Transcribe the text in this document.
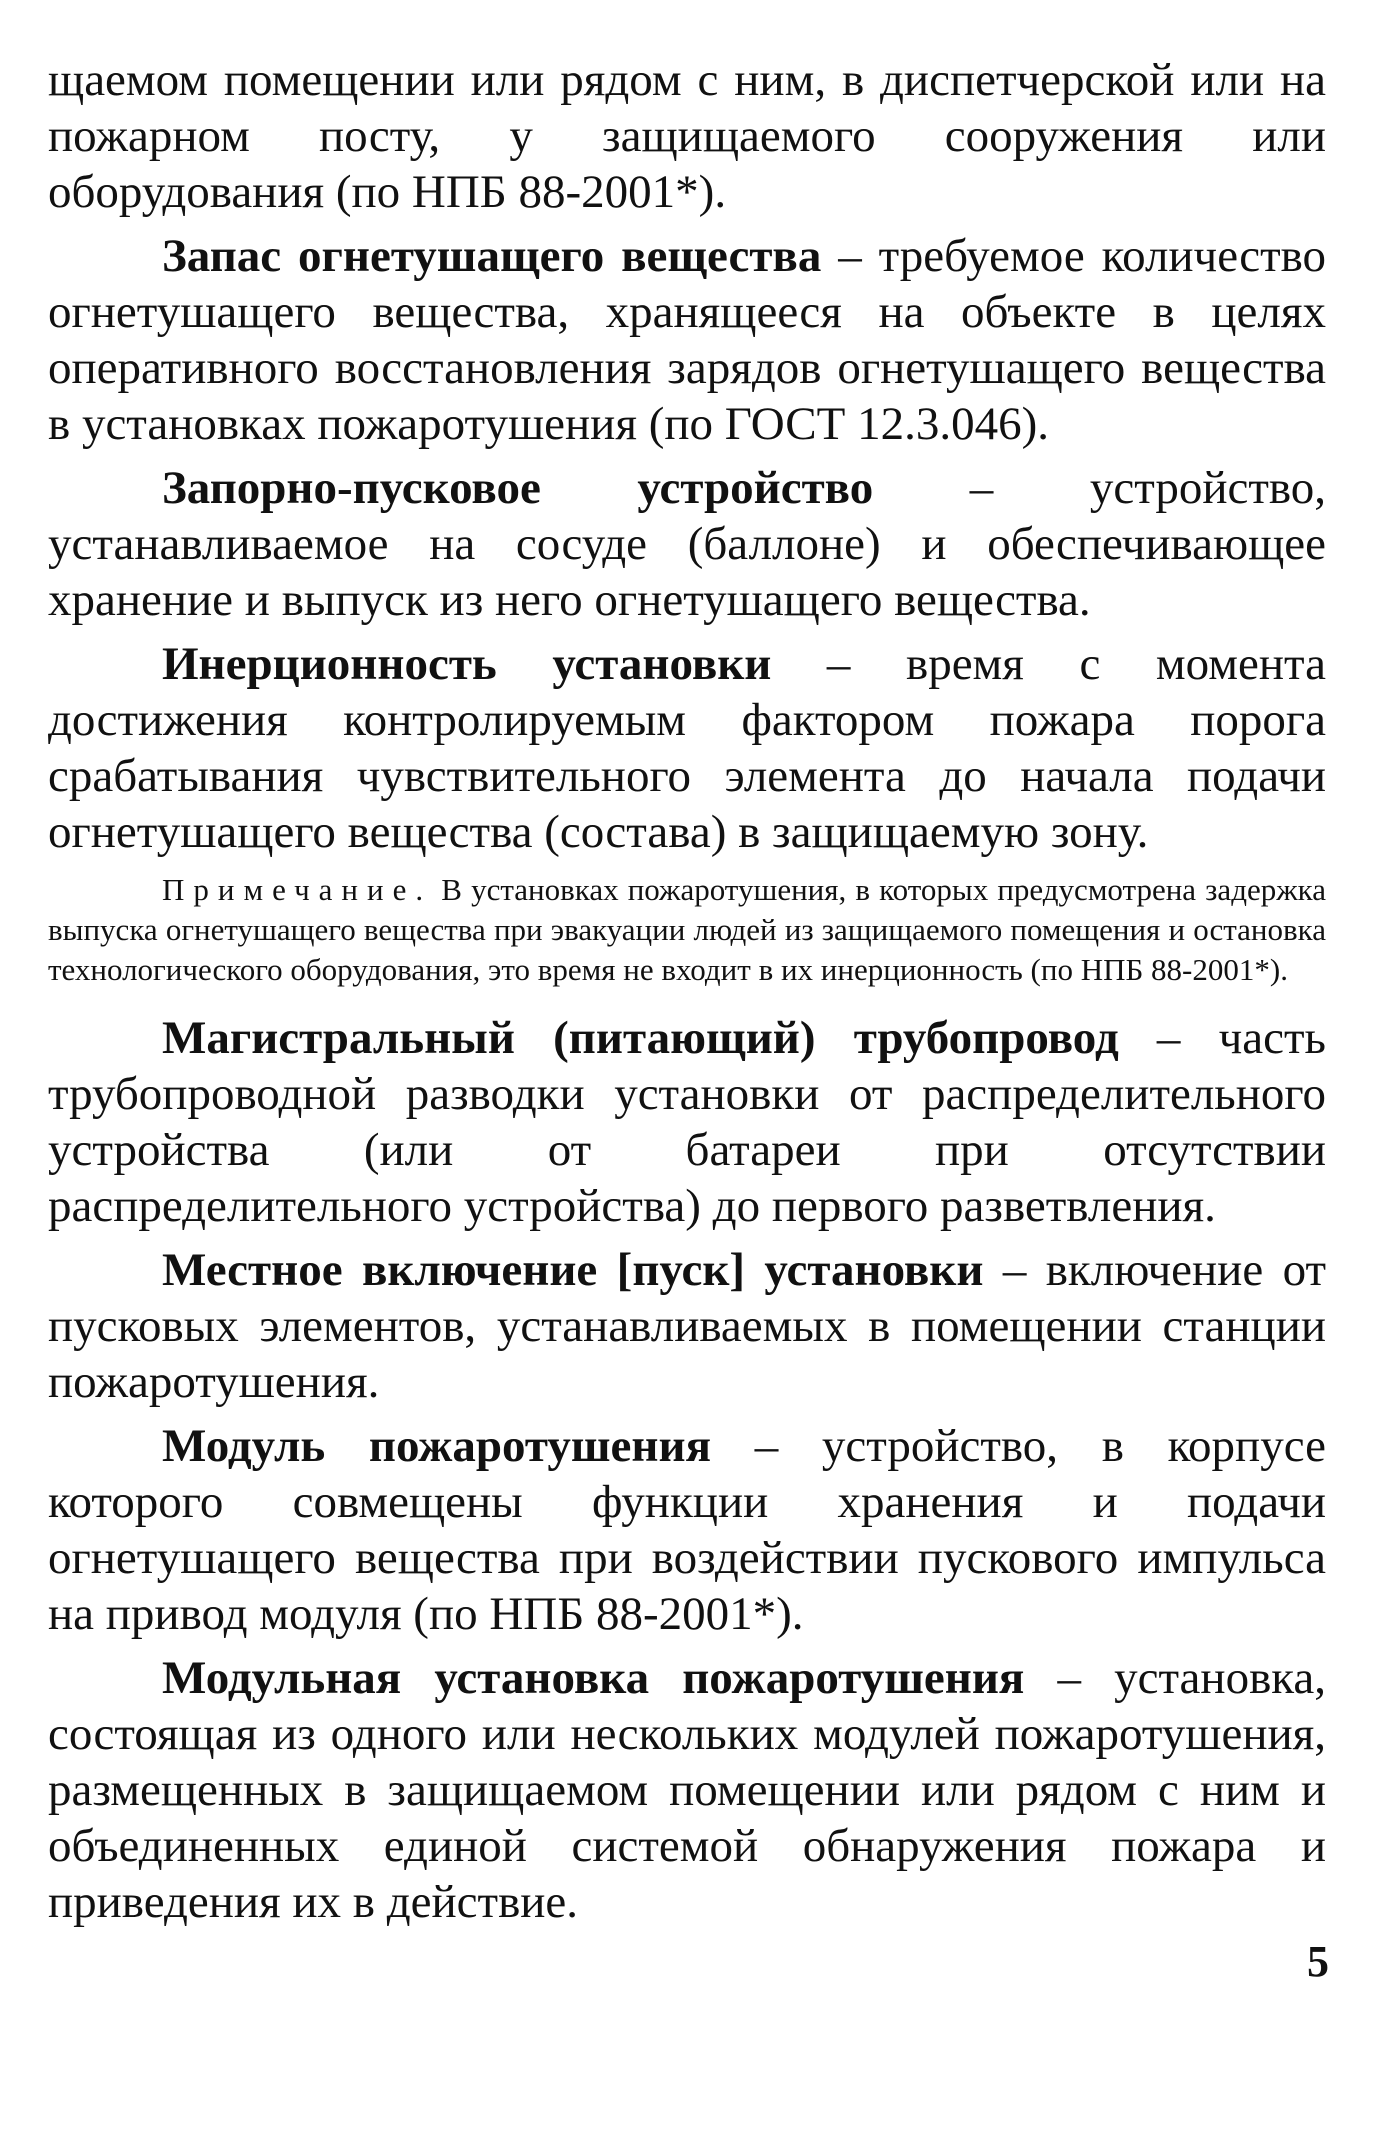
щаемом помещении или рядом с ним, в диспетчерской или на пожарном посту, у защищаемого сооружения или оборудования (по НПБ 88-2001*).

Запас огнетушащего вещества – требуемое количество огнетушащего вещества, хранящееся на объекте в целях оперативного восстановления зарядов огнетушащего вещества в установках пожаротушения (по ГОСТ 12.3.046).

Запорно-пусковое устройство – устройство, устанавливаемое на сосуде (баллоне) и обеспечивающее хранение и выпуск из него огнетушащего вещества.

Инерционность установки – время с момента достижения контролируемым фактором пожара порога срабатывания чувствительного элемента до начала подачи огнетушащего вещества (состава) в защищаемую зону.

Примечание. В установках пожаротушения, в которых предусмотрена задержка выпуска огнетушащего вещества при эвакуации людей из защищаемого помещения и остановка технологического оборудования, это время не входит в их инерционность (по НПБ 88-2001*).

Магистральный (питающий) трубопровод – часть трубопроводной разводки установки от распределительного устройства (или от батареи при отсутствии распределительного устройства) до первого разветвления.

Местное включение [пуск] установки – включение от пусковых элементов, устанавливаемых в помещении станции пожаротушения.

Модуль пожаротушения – устройство, в корпусе которого совмещены функции хранения и подачи огнетушащего вещества при воздействии пускового импульса на привод модуля (по НПБ 88-2001*).

Модульная установка пожаротушения – установка, состоящая из одного или нескольких модулей пожаротушения, размещенных в защищаемом помещении или рядом с ним и объединенных единой системой обнаружения пожара и приведения их в действие.

5
